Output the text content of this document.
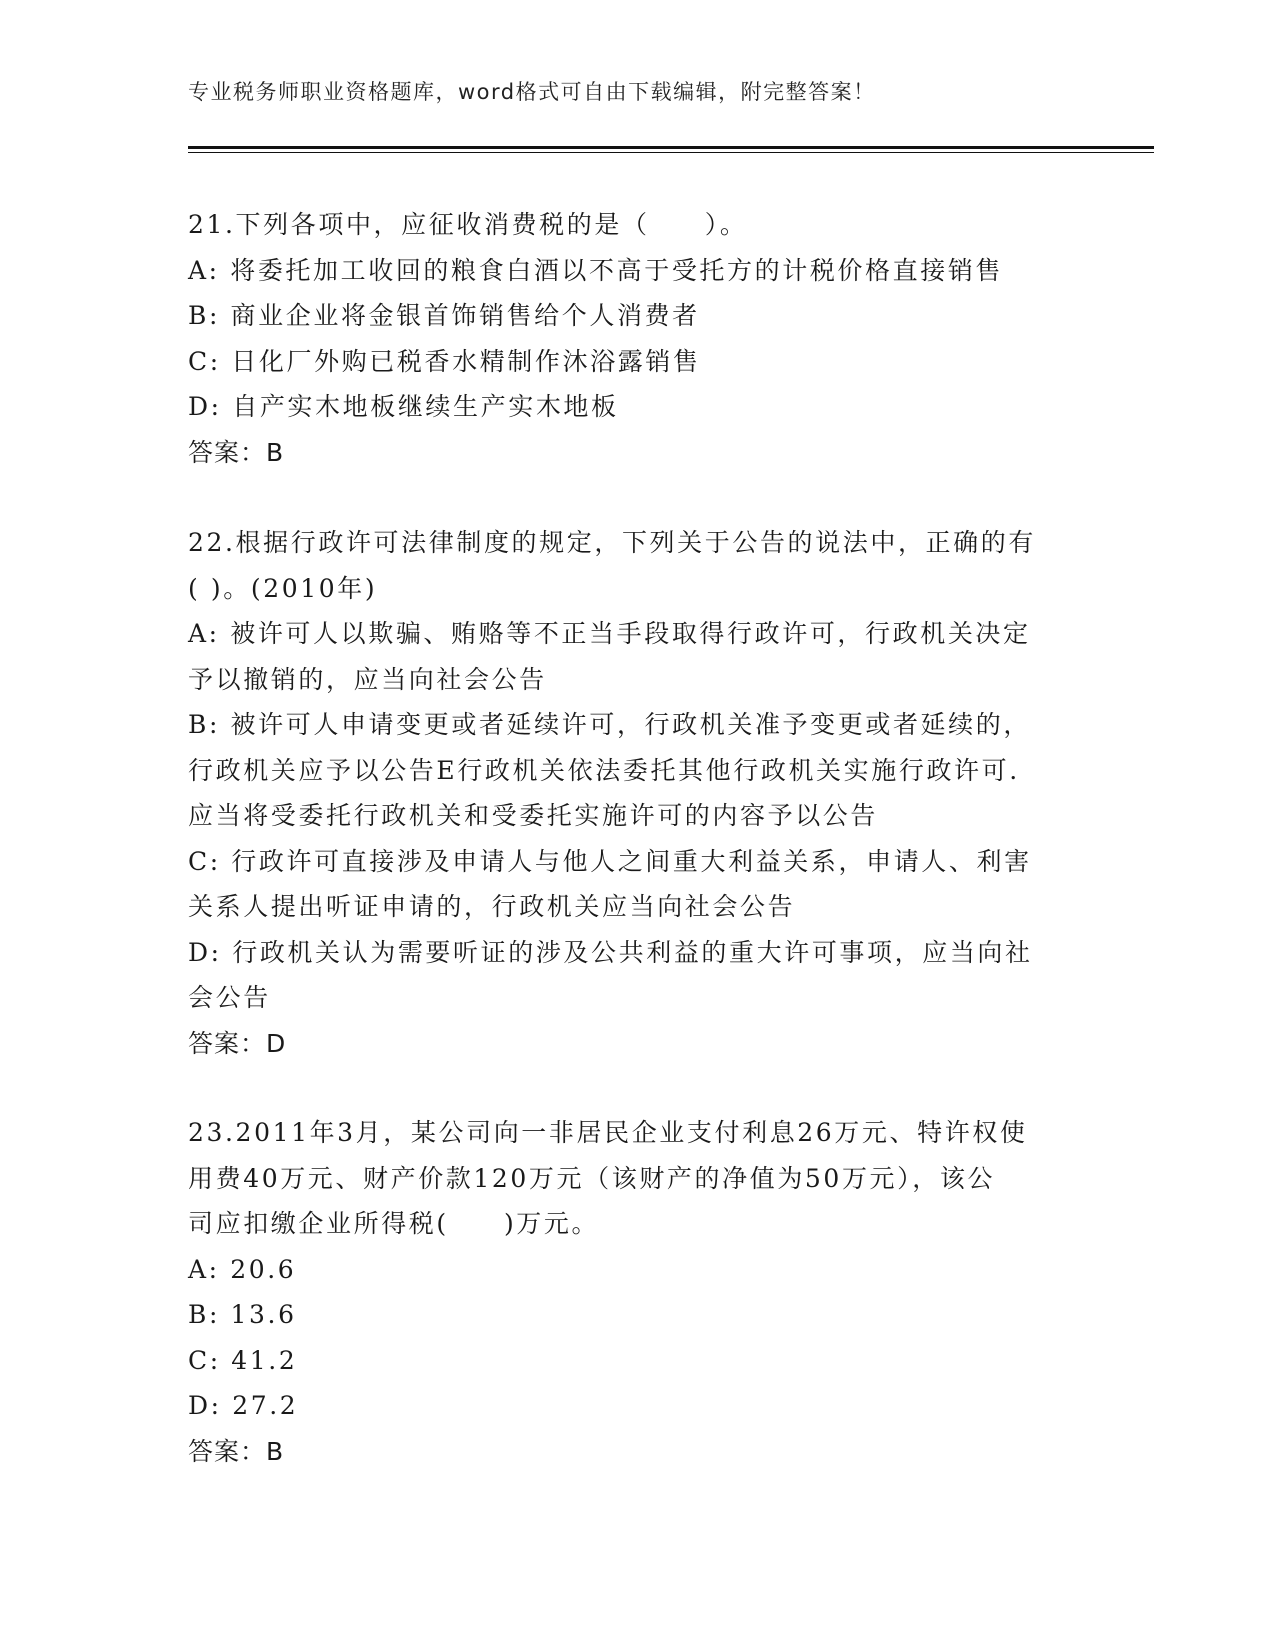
专业税务师职业资格题库，word格式可自由下载编辑，附完整答案！
21.下列各项中，应征收消费税的是（　　）。
A: 将委托加工收回的粮食白酒以不高于受托方的计税价格直接销售
B: 商业企业将金银首饰销售给个人消费者
C: 日化厂外购已税香水精制作沐浴露销售
D: 自产实木地板继续生产实木地板
答案：B
22.根据行政许可法律制度的规定，下列关于公告的说法中，正确的有
( )。(2010年)
A: 被许可人以欺骗、贿赂等不正当手段取得行政许可，行政机关决定
予以撤销的，应当向社会公告
B: 被许可人申请变更或者延续许可，行政机关准予变更或者延续的，
行政机关应予以公告E行政机关依法委托其他行政机关实施行政许可.
应当将受委托行政机关和受委托实施许可的内容予以公告
C: 行政许可直接涉及申请人与他人之间重大利益关系，申请人、利害
关系人提出听证申请的，行政机关应当向社会公告
D: 行政机关认为需要听证的涉及公共利益的重大许可事项，应当向社
会公告
答案：D
23.2011年3月，某公司向一非居民企业支付利息26万元、特许权使
用费40万元、财产价款120万元（该财产的净值为50万元），该公
司应扣缴企业所得税(　　)万元。
A: 20.6
B: 13.6
C: 41.2
D: 27.2
答案：B
